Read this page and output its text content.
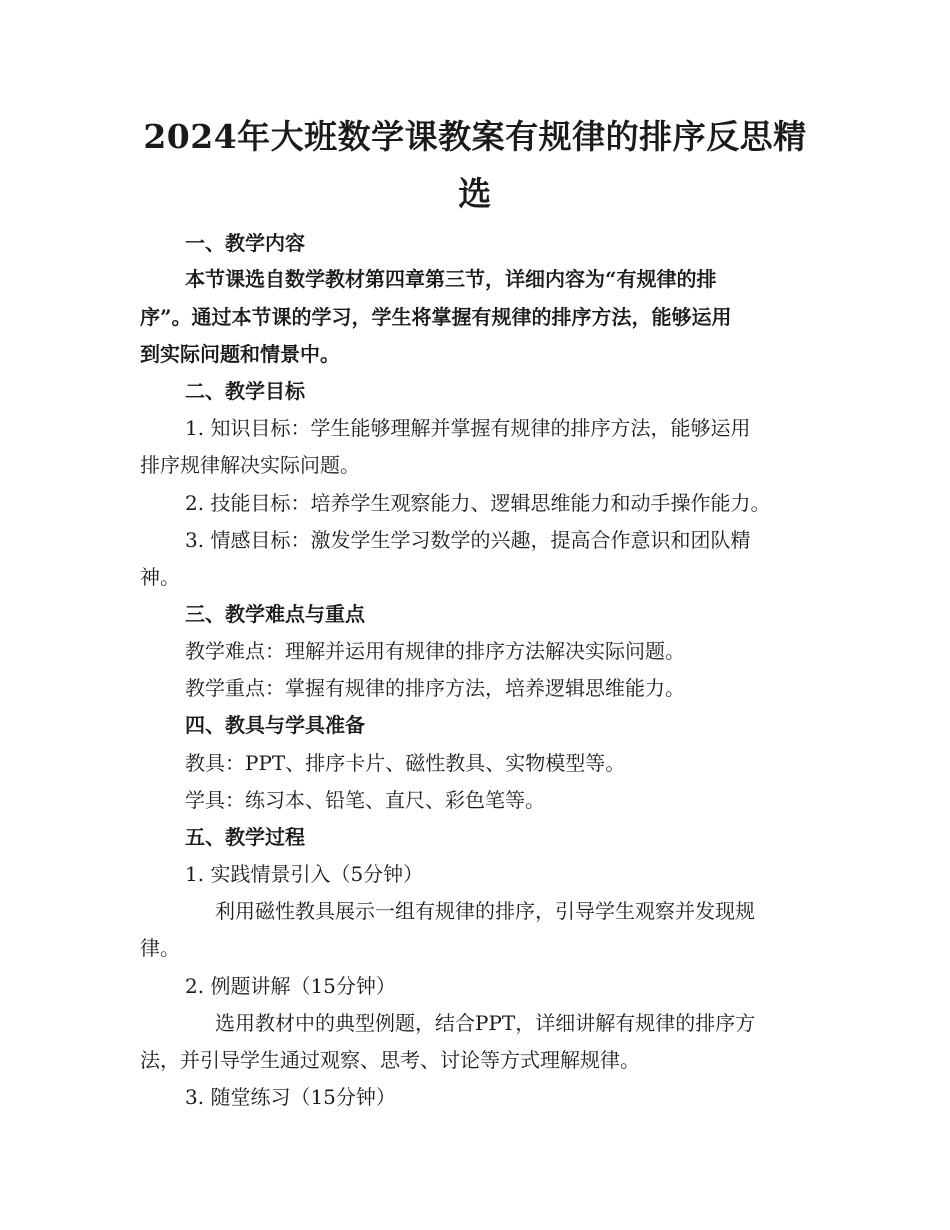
2024年大班数学课教案有规律的排序反思精选
一、教学内容
本节课选自数学教材第四章第三节，详细内容为“有规律的排
序”。通过本节课的学习，学生将掌握有规律的排序方法，能够运用
到实际问题和情景中。
二、教学目标
1. 知识目标：学生能够理解并掌握有规律的排序方法，能够运用
排序规律解决实际问题。
2. 技能目标：培养学生观察能力、逻辑思维能力和动手操作能力。
3. 情感目标：激发学生学习数学的兴趣，提高合作意识和团队精
神。
三、教学难点与重点
教学难点：理解并运用有规律的排序方法解决实际问题。
教学重点：掌握有规律的排序方法，培养逻辑思维能力。
四、教具与学具准备
教具：PPT、排序卡片、磁性教具、实物模型等。
学具：练习本、铅笔、直尺、彩色笔等。
五、教学过程
1. 实践情景引入（5分钟）
利用磁性教具展示一组有规律的排序，引导学生观察并发现规
律。
2. 例题讲解（15分钟）
选用教材中的典型例题，结合PPT，详细讲解有规律的排序方
法，并引导学生通过观察、思考、讨论等方式理解规律。
3. 随堂练习（15分钟）
